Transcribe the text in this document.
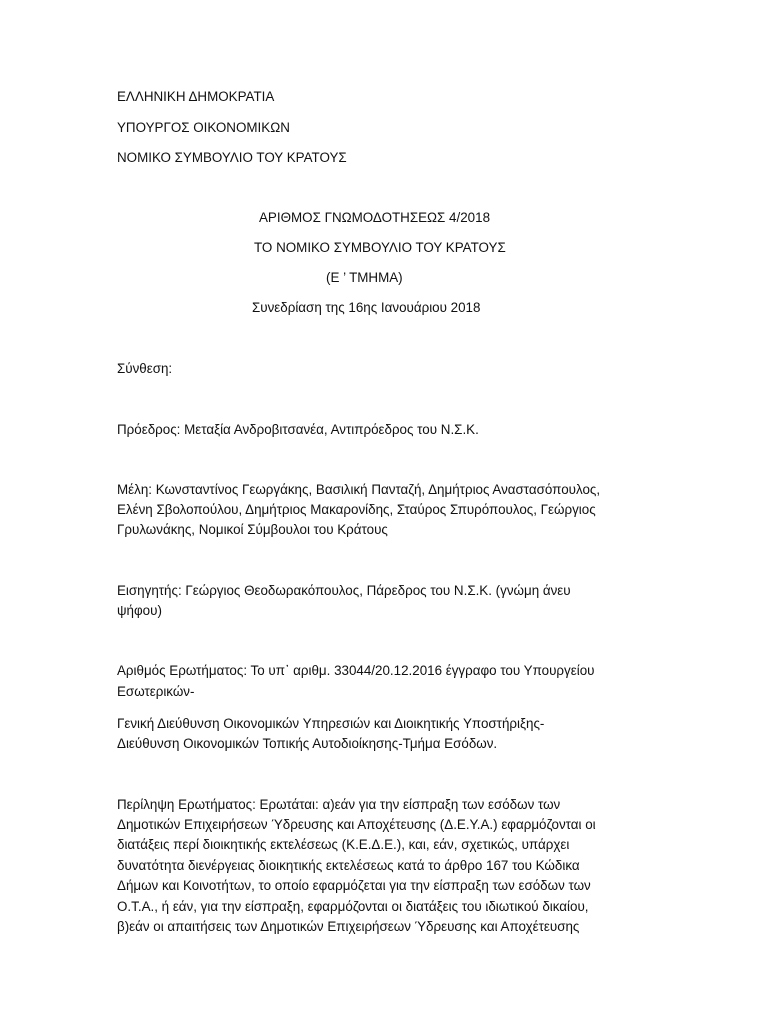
ΕΛΛΗΝΙΚΗ ΔΗΜΟΚΡΑΤΙΑ

ΥΠΟΥΡΓΟΣ ΟΙΚΟΝΟΜΙΚΩΝ

ΝΟΜΙΚΟ ΣΥΜΒΟΥΛΙΟ ΤΟΥ ΚΡΑΤΟΥΣ

ΑΡΙΘΜΟΣ ΓΝΩΜΟΔΟΤΗΣΕΩΣ 4/2018

ΤΟ ΝΟΜΙΚΟ ΣΥΜΒΟΥΛΙΟ ΤΟΥ ΚΡΑΤΟΥΣ

(Ε ’ ΤΜΗΜΑ)

Συνεδρίαση της 16ης Ιανουάριου 2018

Σύνθεση:

Πρόεδρος: Μεταξία Ανδροβιτσανέα, Αντιπρόεδρος του Ν.Σ.Κ.

Μέλη: Κωνσταντίνος Γεωργάκης, Βασιλική Πανταζή, Δημήτριος Αναστασόπουλος,

Ελένη Σβολοπούλου, Δημήτριος Μακαρονίδης, Σταύρος Σπυρόπουλος, Γεώργιος

Γρυλωνάκης, Νομικοί Σύμβουλοι του Κράτους

Εισηγητής: Γεώργιος Θεοδωρακόπουλος, Πάρεδρος του Ν.Σ.Κ. (γνώμη άνευ

ψήφου)

Αριθμός Ερωτήματος: Το υπ᾽ αριθμ. 33044/20.12.2016 έγγραφο του Υπουργείου

Εσωτερικών-

Γενική Διεύθυνση Οικονομικών Υπηρεσιών και Διοικητικής Υποστήριξης-

Διεύθυνση Οικονομικών Τοπικής Αυτοδιοίκησης-Τμήμα Εσόδων.

Περίληψη Ερωτήματος: Ερωτάται: α)εάν για την είσπραξη των εσόδων των

Δημοτικών Επιχειρήσεων Ύδρευσης και Αποχέτευσης (Δ.Ε.Υ.Α.) εφαρμόζονται οι

διατάξεις περί διοικητικής εκτελέσεως (Κ.Ε.Δ.Ε.), και, εάν, σχετικώς, υπάρχει

δυνατότητα διενέργειας διοικητικής εκτελέσεως κατά το άρθρο 167 του Κώδικα

Δήμων και Κοινοτήτων, το οποίο εφαρμόζεται για την είσπραξη των εσόδων των

Ο.Τ.Α., ή εάν, για την είσπραξη, εφαρμόζονται οι διατάξεις του ιδιωτικού δικαίου,

β)εάν οι απαιτήσεις των Δημοτικών Επιχειρήσεων Ύδρευσης και Αποχέτευσης
